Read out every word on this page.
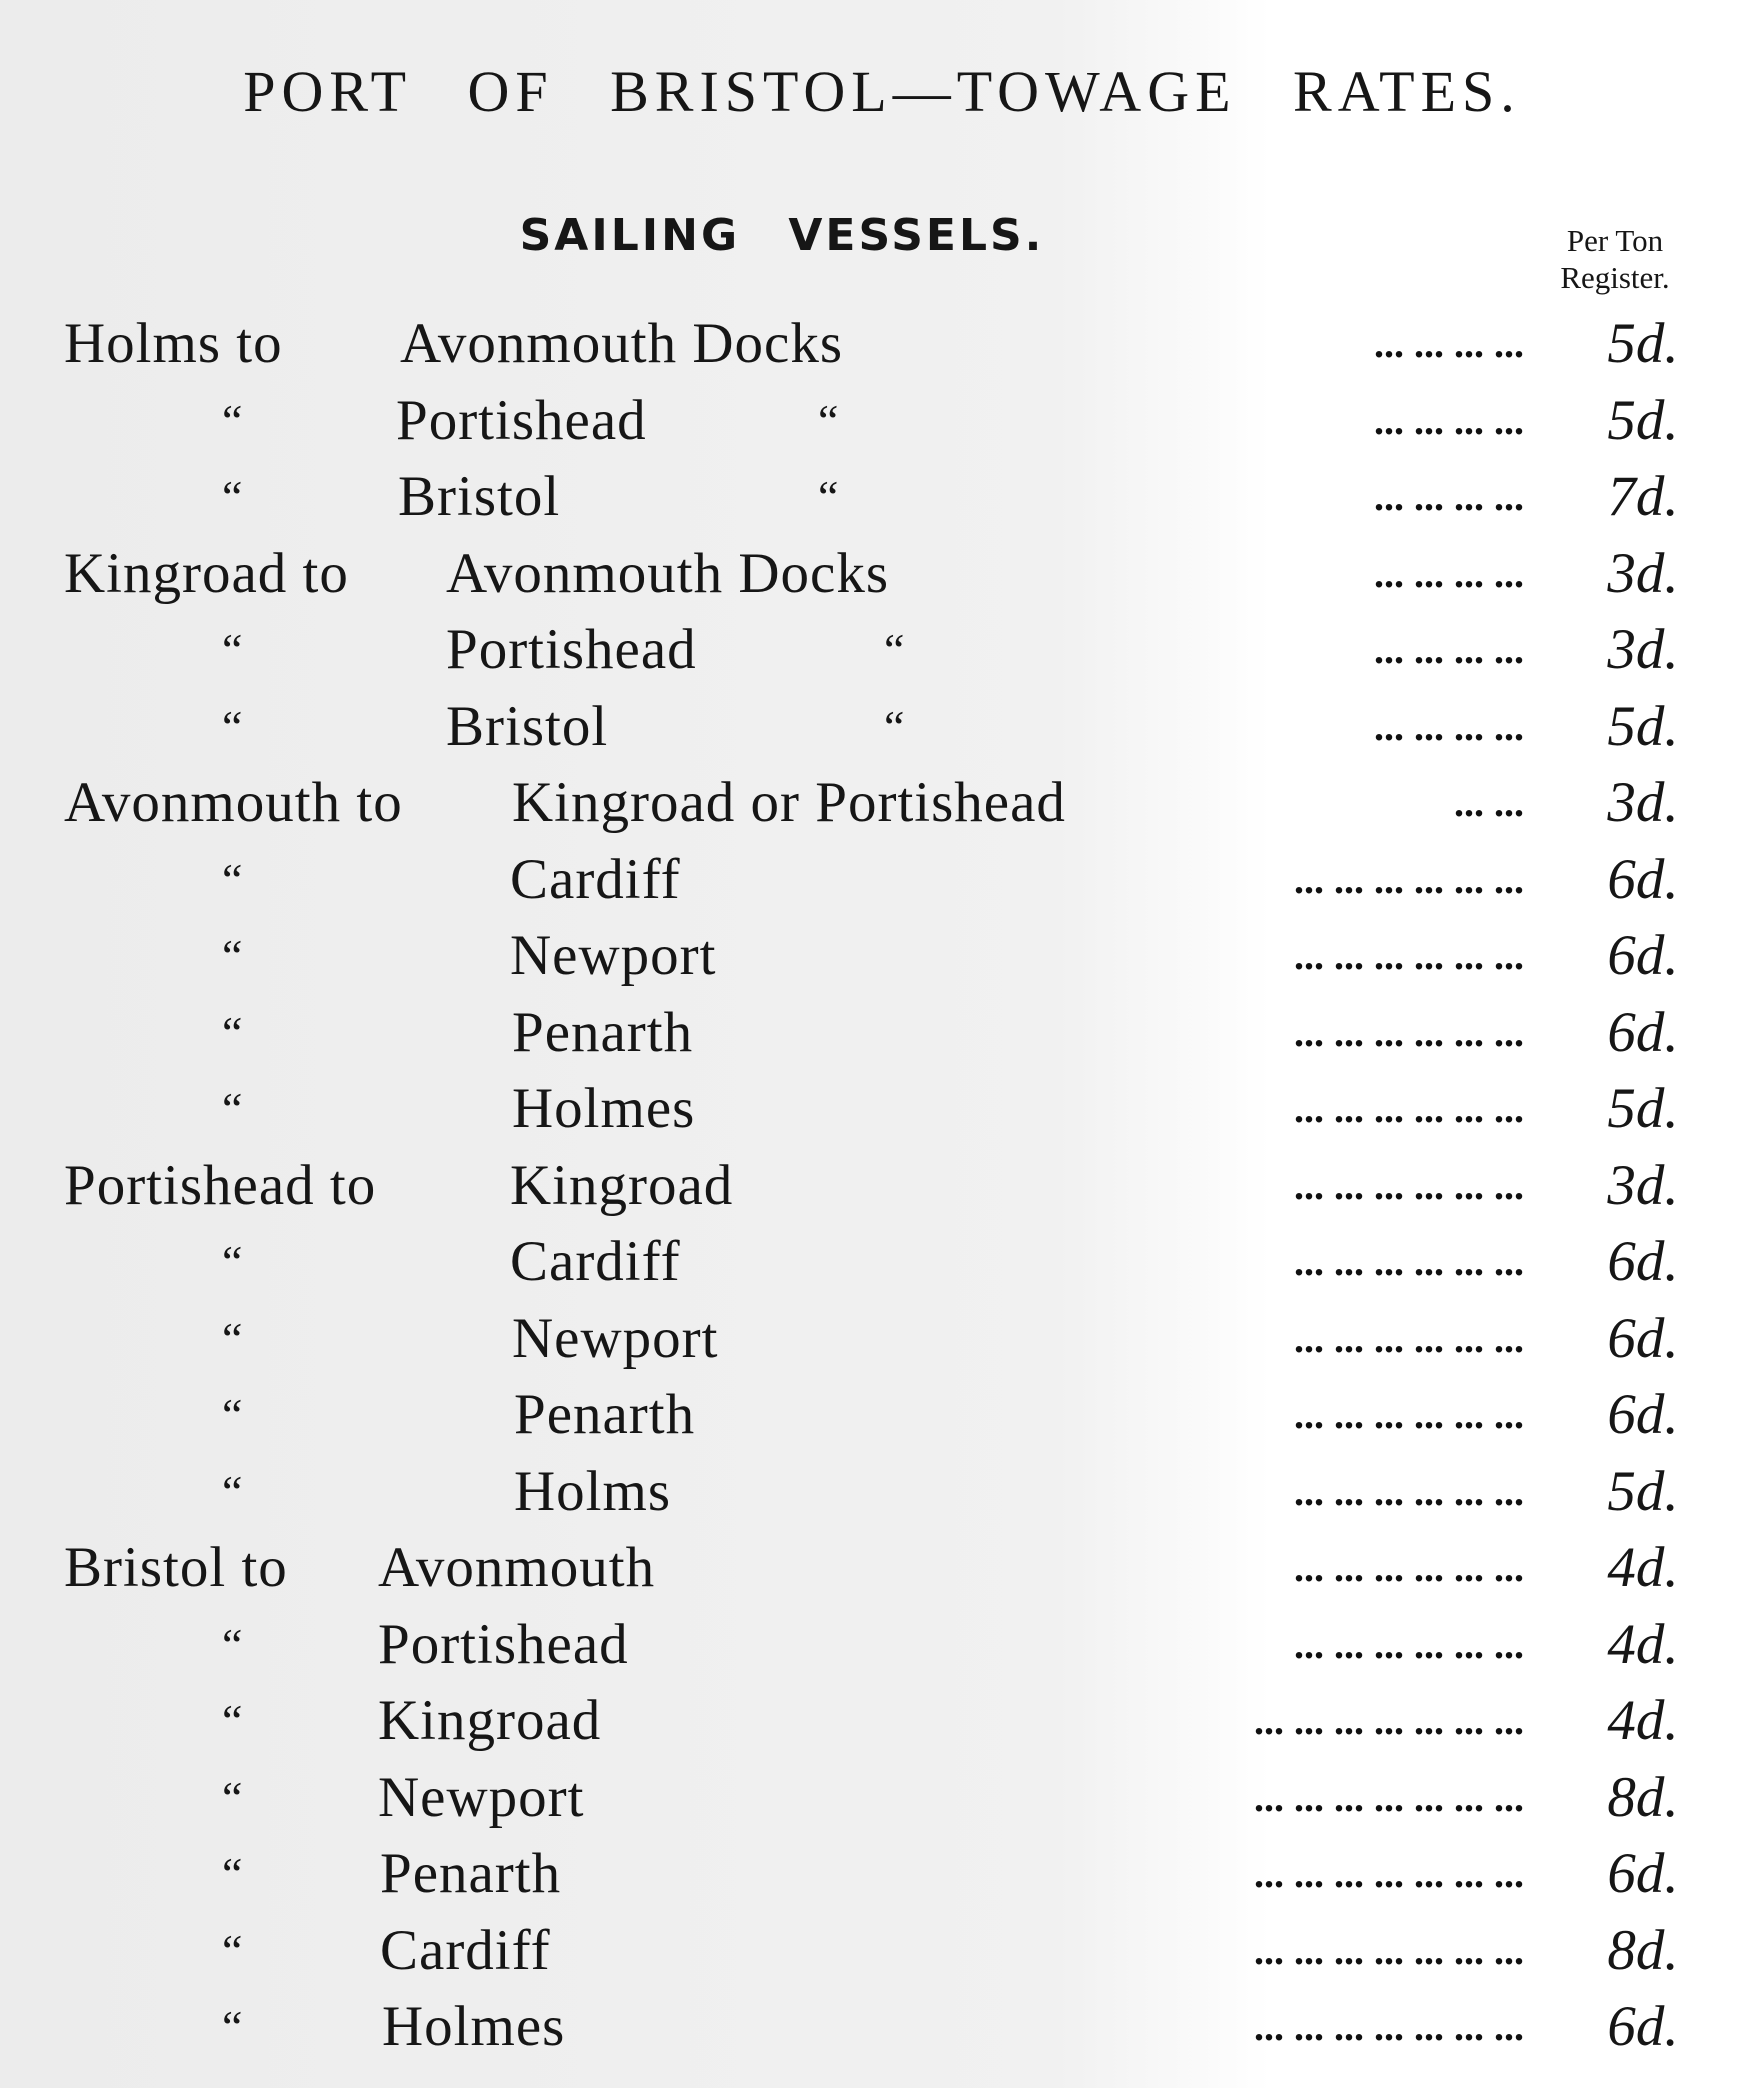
PORT OF BRISTOL—TOWAGE RATES.
SAILING VESSELS.	Per Ton
Register.
Holms to Avonmouth Docks	... ... ... ...	5d.
“	Portishead	“	... ... ... ...	5d.
“	Bristol	“	... ... ... ...	7d.
Kingroad to Avonmouth Docks	... ... ... ...	3d.
“	Portishead	“	... ... ... ...	3d.
“	Bristol	“	... ... ... ...	5d.
Avonmouth to Kingroad or Portishead	... ...	3d.
“	Cardiff	... ... ... ... ... ...	6d.
“	Newport	... ... ... ... ... ...	6d.
“	Penarth	... ... ... ... ... ...	6d.
“	Holmes	... ... ... ... ... ...	5d.
Portishead to Kingroad	... ... ... ... ... ...	3d.
“	Cardiff	... ... ... ... ... ...	6d.
“	Newport	... ... ... ... ... ...	6d.
“	Penarth	... ... ... ... ... ...	6d.
“	Holms	... ... ... ... ... ...	5d.
Bristol to Avonmouth	... ... ... ... ... ...	4d.
“ Portishead	... ... ... ... ... ...	4d.
“ Kingroad	... ... ... ... ... ... ...	4d.
“ Newport	... ... ... ... ... ... ...	8d.
“ Penarth	... ... ... ... ... ... ...	6d.
“ Cardiff	... ... ... ... ... ... ...	8d.
“ Holmes	... ... ... ... ... ... ...	6d.
